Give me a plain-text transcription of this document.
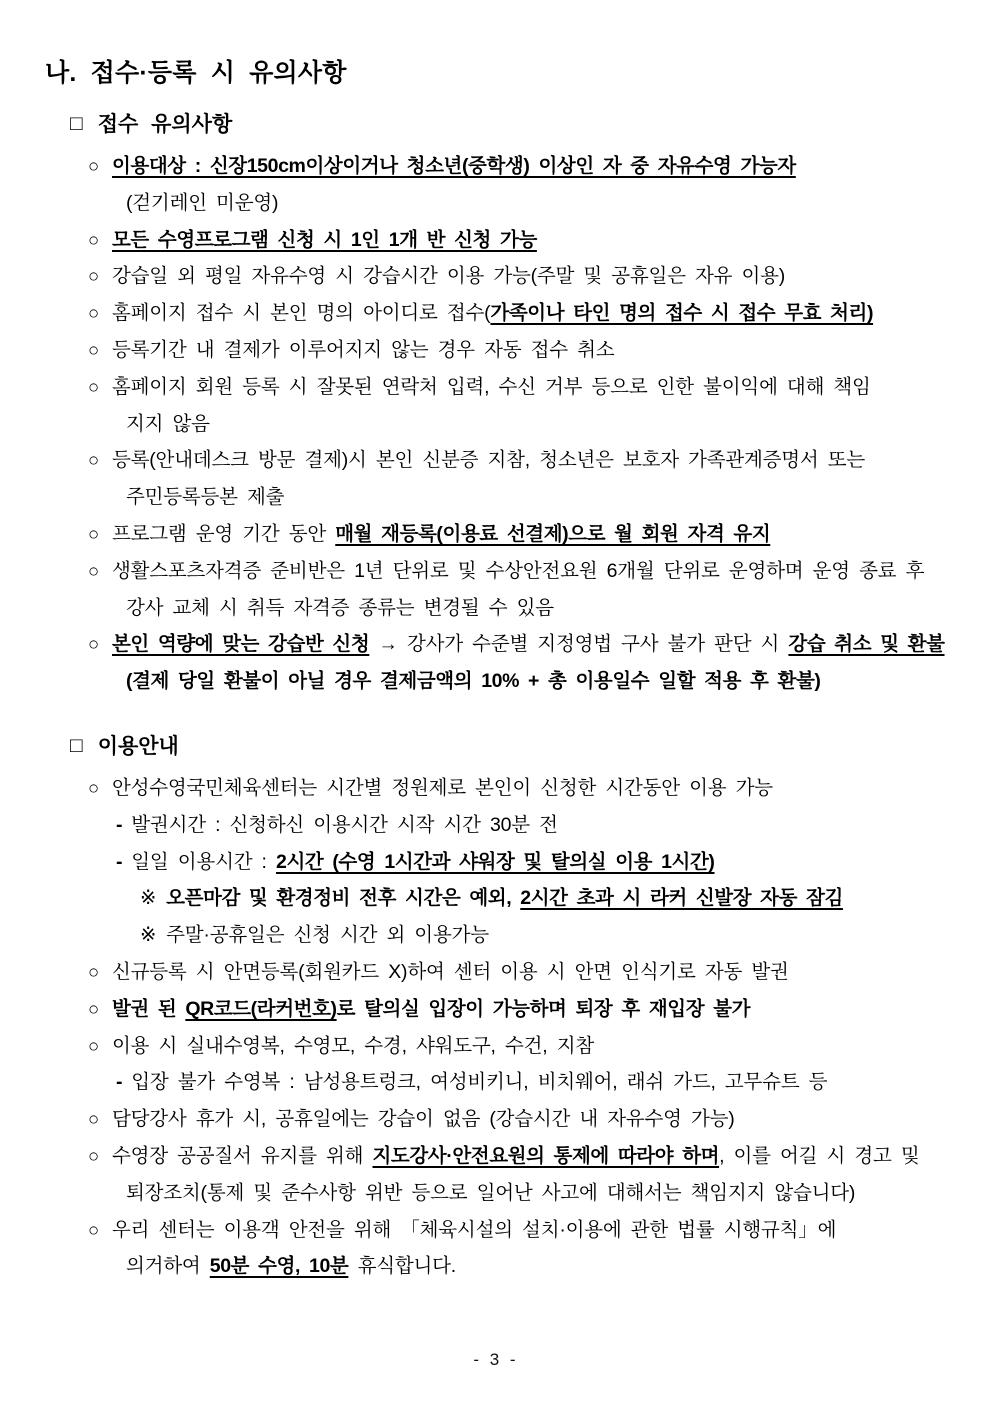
나. 접수·등록 시 유의사항
□ 접수 유의사항
○ 이용대상 : 신장150cm이상이거나 청소년(중학생) 이상인 자 중 자유수영 가능자
(걷기레인 미운영)
○ 모든 수영프로그램 신청 시 1인 1개 반 신청 가능
○ 강습일 외 평일 자유수영 시 강습시간 이용 가능(주말 및 공휴일은 자유 이용)
○ 홈페이지 접수 시 본인 명의 아이디로 접수(가족이나 타인 명의 접수 시 접수 무효 처리)
○ 등록기간 내 결제가 이루어지지 않는 경우 자동 접수 취소
○ 홈페이지 회원 등록 시 잘못된 연락처 입력, 수신 거부 등으로 인한 불이익에 대해 책임
지지 않음
○ 등록(안내데스크 방문 결제)시 본인 신분증 지참, 청소년은 보호자 가족관계증명서 또는
주민등록등본 제출
○ 프로그램 운영 기간 동안 매월 재등록(이용료 선결제)으로 월 회원 자격 유지
○ 생활스포츠자격증 준비반은 1년 단위로 및 수상안전요원 6개월 단위로 운영하며 운영 종료 후
강사 교체 시 취득 자격증 종류는 변경될 수 있음
○ 본인 역량에 맞는 강습반 신청 → 강사가 수준별 지정영법 구사 불가 판단 시 강습 취소 및 환불
(결제 당일 환불이 아닐 경우 결제금액의 10% + 총 이용일수 일할 적용 후 환불)
□ 이용안내
○ 안성수영국민체육센터는 시간별 정원제로 본인이 신청한 시간동안 이용 가능
- 발권시간 : 신청하신 이용시간 시작 시간 30분 전
- 일일 이용시간 : 2시간 (수영 1시간과 샤워장 및 탈의실 이용 1시간)
※ 오픈마감 및 환경정비 전후 시간은 예외, 2시간 초과 시 라커 신발장 자동 잠김
※ 주말·공휴일은 신청 시간 외 이용가능
○ 신규등록 시 안면등록(회원카드 X)하여 센터 이용 시 안면 인식기로 자동 발권
○ 발권 된 QR코드(라커번호)로 탈의실 입장이 가능하며 퇴장 후 재입장 불가
○ 이용 시 실내수영복, 수영모, 수경, 샤워도구, 수건, 지참
- 입장 불가 수영복 : 남성용트렁크, 여성비키니, 비치웨어, 래쉬 가드, 고무슈트 등
○ 담당강사 휴가 시, 공휴일에는 강습이 없음 (강습시간 내 자유수영 가능)
○ 수영장 공공질서 유지를 위해 지도강사·안전요원의 통제에 따라야 하며, 이를 어길 시 경고 및
퇴장조치(통제 및 준수사항 위반 등으로 일어난 사고에 대해서는 책임지지 않습니다)
○ 우리 센터는 이용객 안전을 위해 「체육시설의 설치·이용에 관한 법률 시행규칙」에
의거하여 50분 수영, 10분 휴식합니다.
- 3 -
